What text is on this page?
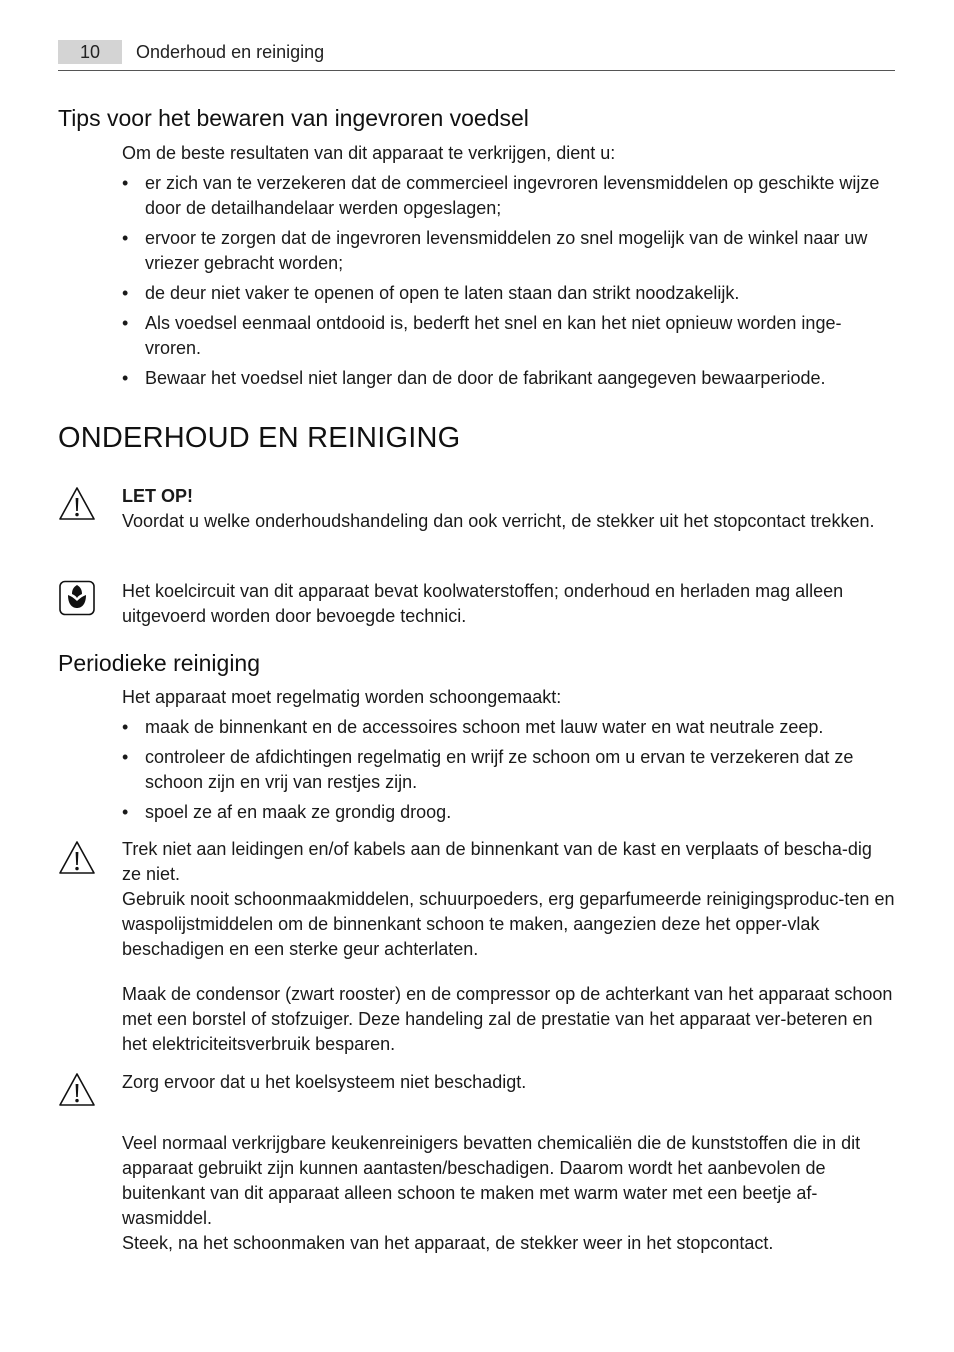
10	Onderhoud en reiniging
Tips voor het bewaren van ingevroren voedsel

Om de beste resultaten van dit apparaat te verkrijgen, dient u:

• er zich van te verzekeren dat de commercieel ingevroren levensmiddelen op geschikte wijze door de detailhandelaar werden opgeslagen;
• ervoor te zorgen dat de ingevroren levensmiddelen zo snel mogelijk van de winkel naar uw vriezer gebracht worden;
• de deur niet vaker te openen of open te laten staan dan strikt noodzakelijk.
• Als voedsel eenmaal ontdooid is, bederft het snel en kan het niet opnieuw worden inge-vroren.
• Bewaar het voedsel niet langer dan de door de fabrikant aangegeven bewaarperiode.
ONDERHOUD EN REINIGING

LET OP!
Voordat u welke onderhoudshandeling dan ook verricht, de stekker uit het stopcontact trekken.

Het koelcircuit van dit apparaat bevat koolwaterstoffen; onderhoud en herladen mag alleen uitgevoerd worden door bevoegde technici.

Periodieke reiniging

Het apparaat moet regelmatig worden schoongemaakt:

• maak de binnenkant en de accessoires schoon met lauw water en wat neutrale zeep.
• controleer de afdichtingen regelmatig en wrijf ze schoon om u ervan te verzekeren dat ze schoon zijn en vrij van restjes zijn.
• spoel ze af en maak ze grondig droog.

Trek niet aan leidingen en/of kabels aan de binnenkant van de kast en verplaats of bescha-dig ze niet.
Gebruik nooit schoonmaakmiddelen, schuurpoeders, erg geparfumeerde reinigingsproduc-ten en waspolijstmiddelen om de binnenkant schoon te maken, aangezien deze het opper-vlak beschadigen en een sterke geur achterlaten.

Maak de condensor (zwart rooster) en de compressor op de achterkant van het apparaat schoon met een borstel of stofzuiger. Deze handeling zal de prestatie van het apparaat ver-beteren en het elektriciteitsverbruik besparen.

Zorg ervoor dat u het koelsysteem niet beschadigt.

Veel normaal verkrijgbare keukenreinigers bevatten chemicaliën die de kunststoffen die in dit apparaat gebruikt zijn kunnen aantasten/beschadigen. Daarom wordt het aanbevolen de buitenkant van dit apparaat alleen schoon te maken met warm water met een beetje af-wasmiddel.
Steek, na het schoonmaken van het apparaat, de stekker weer in het stopcontact.
